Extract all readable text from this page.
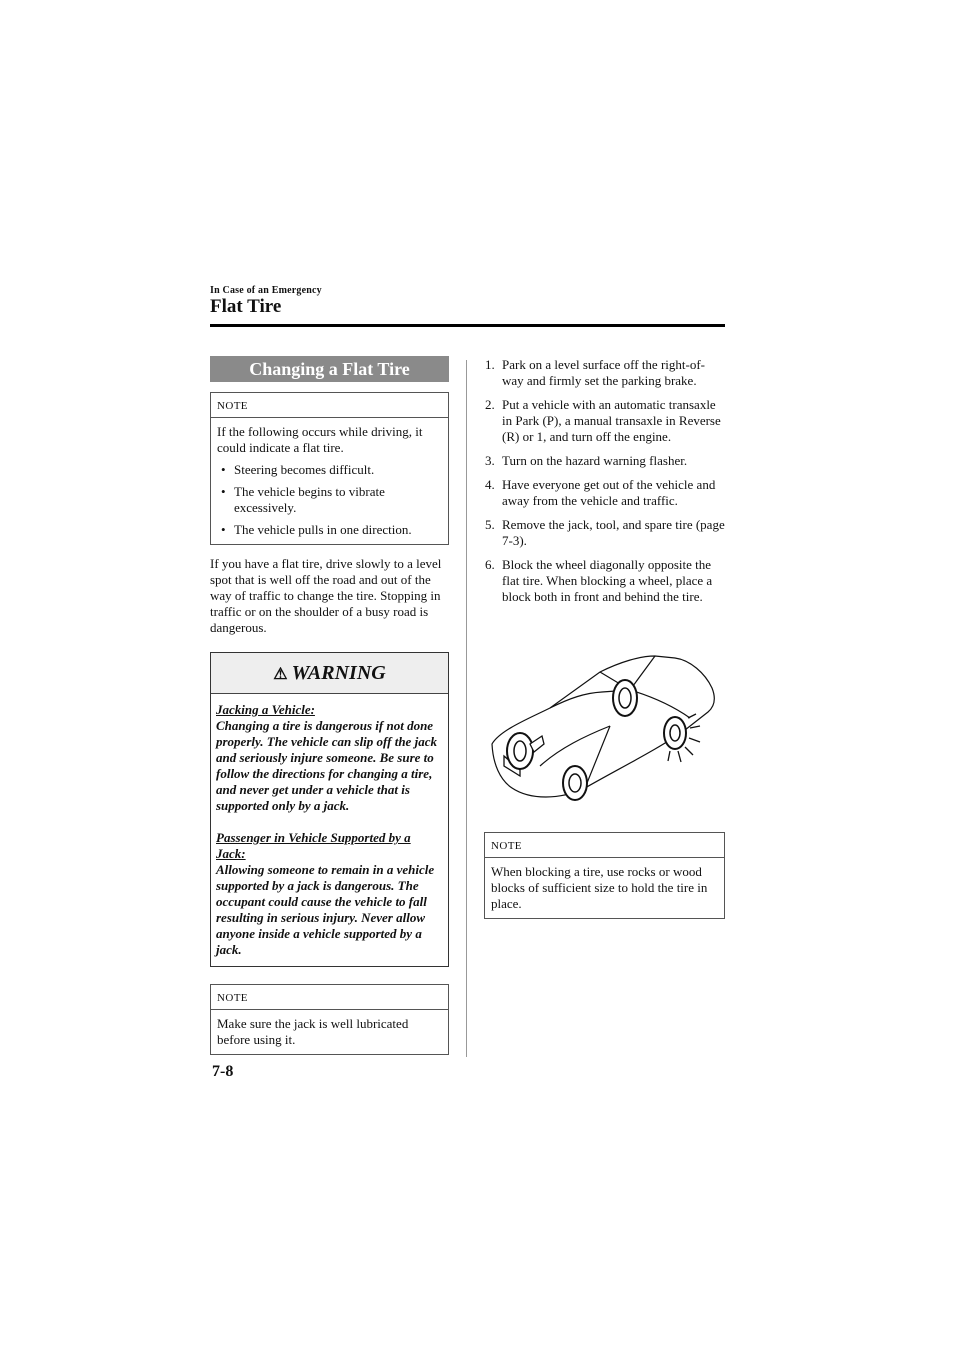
In Case of an Emergency
Flat Tire
Changing a Flat Tire
NOTE
If the following occurs while driving, it could indicate a flat tire.
• Steering becomes difficult.
• The vehicle begins to vibrate excessively.
• The vehicle pulls in one direction.
If you have a flat tire, drive slowly to a level spot that is well off the road and out of the way of traffic to change the tire. Stopping in traffic or on the shoulder of a busy road is dangerous.
⚠ WARNING
Jacking a Vehicle:

Changing a tire is dangerous if not done properly. The vehicle can slip off the jack and seriously injure someone. Be sure to follow the directions for changing a tire, and never get under a vehicle that is supported only by a jack.

Passenger in Vehicle Supported by a Jack:

Allowing someone to remain in a vehicle supported by a jack is dangerous. The occupant could cause the vehicle to fall resulting in serious injury. Never allow anyone inside a vehicle supported by a jack.

NOTE
Make sure the jack is well lubricated before using it.
1. Park on a level surface off the right-of-way and firmly set the parking brake.
2. Put a vehicle with an automatic transaxle in Park (P), a manual transaxle in Reverse (R) or 1, and turn off the engine.
3. Turn on the hazard warning flasher.
4. Have everyone get out of the vehicle and away from the vehicle and traffic.
5. Remove the jack, tool, and spare tire (page 7-3).
6. Block the wheel diagonally opposite the flat tire. When blocking a wheel, place a block both in front and behind the tire.
NOTE
When blocking a tire, use rocks or wood blocks of sufficient size to hold the tire in place.
7-8
